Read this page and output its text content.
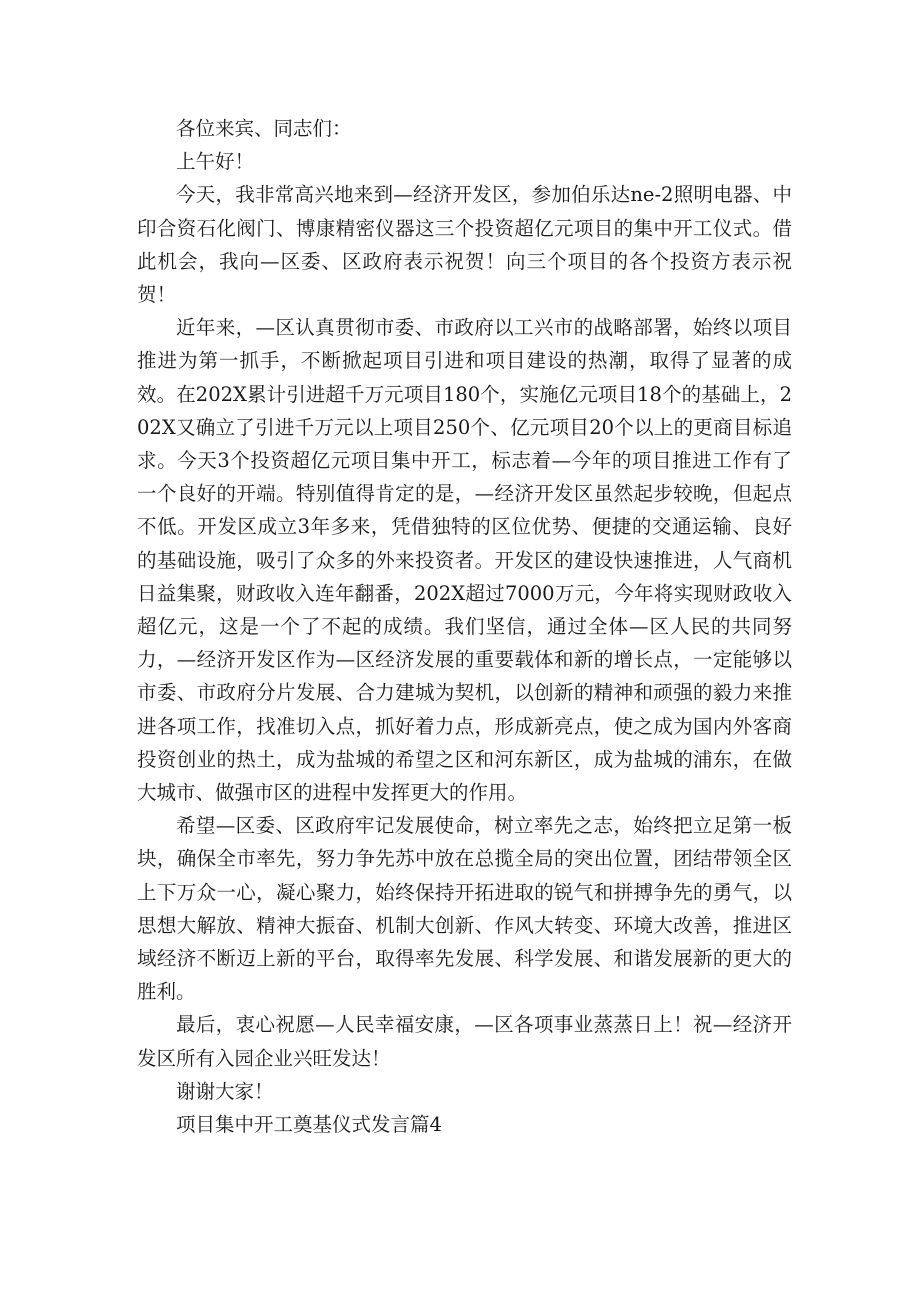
各位来宾、同志们：

上午好！

今天，我非常高兴地来到—经济开发区，参加伯乐达ne-2照明电器、中印合资石化阀门、博康精密仪器这三个投资超亿元项目的集中开工仪式。借此机会，我向—区委、区政府表示祝贺！向三个项目的各个投资方表示祝贺！

近年来，—区认真贯彻市委、市政府以工兴市的战略部署，始终以项目推进为第一抓手，不断掀起项目引进和项目建设的热潮，取得了显著的成效。在202X累计引进超千万元项目180个，实施亿元项目18个的基础上，202X又确立了引进千万元以上项目250个、亿元项目20个以上的更商目标追求。今天3个投资超亿元项目集中开工，标志着—今年的项目推进工作有了一个良好的开端。特别值得肯定的是，—经济开发区虽然起步较晚，但起点不低。开发区成立3年多来，凭借独特的区位优势、便捷的交通运输、良好的基础设施，吸引了众多的外来投资者。开发区的建设快速推进，人气商机日益集聚，财政收入连年翻番，202X超过7000万元，今年将实现财政收入超亿元，这是一个了不起的成绩。我们坚信，通过全体—区人民的共同努力，—经济开发区作为—区经济发展的重要载体和新的增长点，一定能够以市委、市政府分片发展、合力建城为契机，以创新的精神和顽强的毅力来推进各项工作，找准切入点，抓好着力点，形成新亮点，使之成为国内外客商投资创业的热土，成为盐城的希望之区和河东新区，成为盐城的浦东，在做大城市、做强市区的进程中发挥更大的作用。

希望—区委、区政府牢记发展使命，树立率先之志，始终把立足第一板块，确保全市率先，努力争先苏中放在总揽全局的突出位置，团结带领全区上下万众一心，凝心聚力，始终保持开拓进取的锐气和拼搏争先的勇气，以思想大解放、精神大振奋、机制大创新、作风大转变、环境大改善，推进区域经济不断迈上新的平台，取得率先发展、科学发展、和谐发展新的更大的胜利。

最后，衷心祝愿—人民幸福安康，—区各项事业蒸蒸日上！祝—经济开发区所有入园企业兴旺发达！

谢谢大家！

项目集中开工奠基仪式发言篇4
